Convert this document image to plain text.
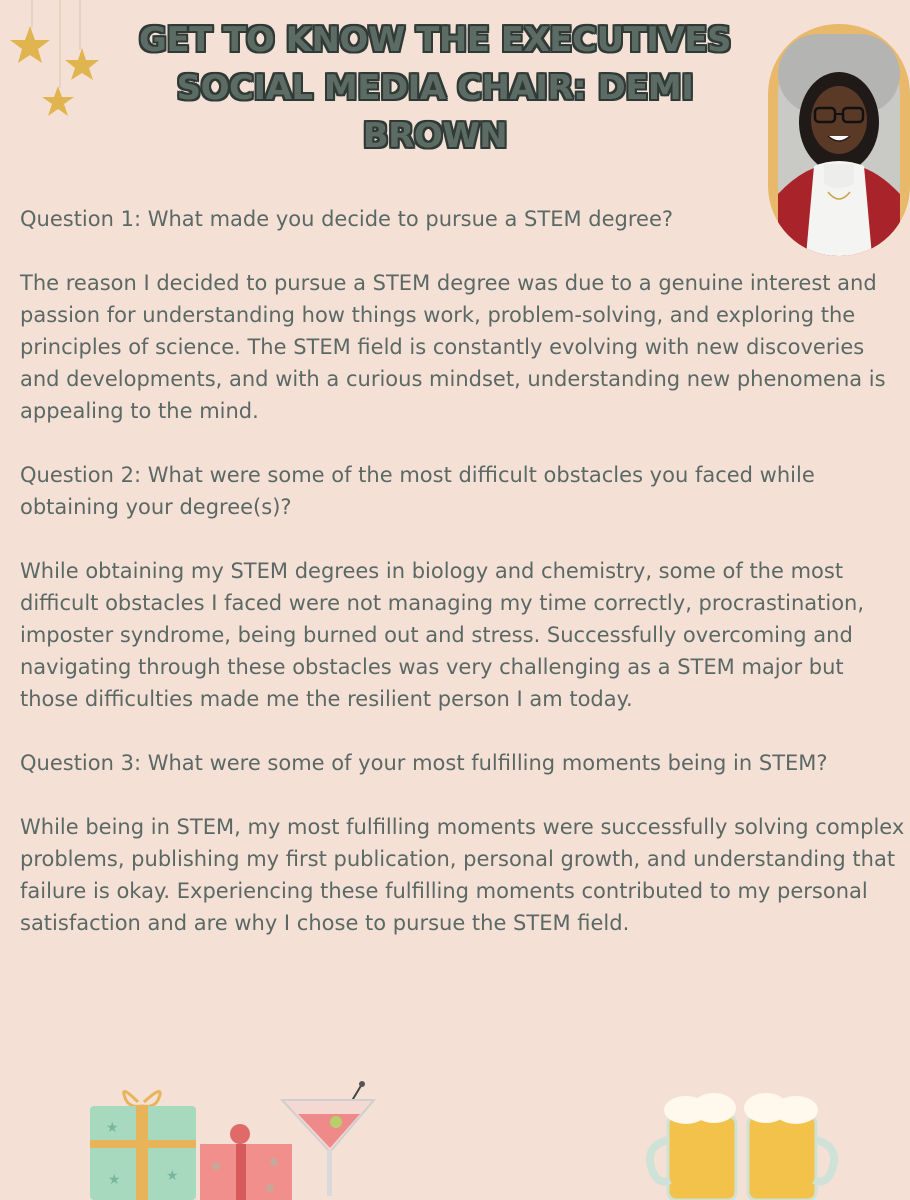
GET TO KNOW THE EXECUTIVES
SOCIAL MEDIA CHAIR: DEMI
BROWN

Question 1: What made you decide to pursue a STEM degree?

The reason I decided to pursue a STEM degree was due to a genuine interest and passion for understanding how things work, problem-solving, and exploring the principles of science. The STEM field is constantly evolving with new discoveries and developments, and with a curious mindset, understanding new phenomena is appealing to the mind.

Question 2: What were some of the most difficult obstacles you faced while obtaining your degree(s)?

While obtaining my STEM degrees in biology and chemistry, some of the most difficult obstacles I faced were not managing my time correctly, procrastination, imposter syndrome, being burned out and stress. Successfully overcoming and navigating through these obstacles was very challenging as a STEM major but those difficulties made me the resilient person I am today.

Question 3: What were some of your most fulfilling moments being in STEM?

While being in STEM, my most fulfilling moments were successfully solving complex problems, publishing my first publication, personal growth, and understanding that failure is okay. Experiencing these fulfilling moments contributed to my personal satisfaction and are why I chose to pursue the STEM field.

★
★
★
